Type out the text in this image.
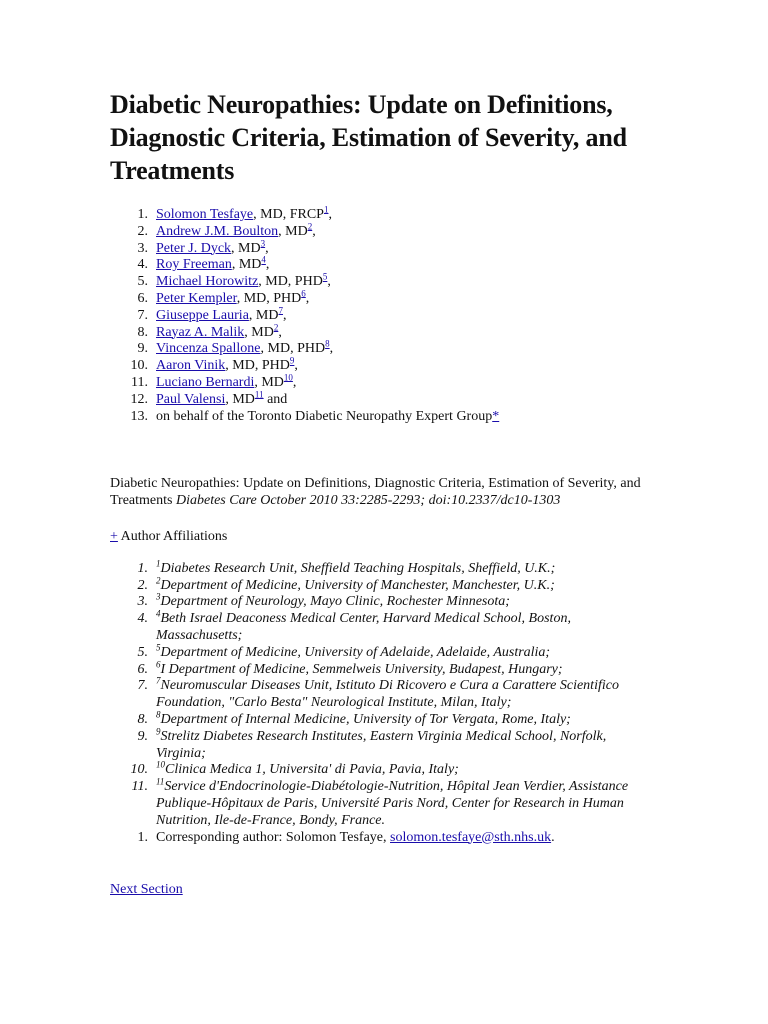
Diabetic Neuropathies: Update on Definitions, Diagnostic Criteria, Estimation of Severity, and Treatments
1. Solomon Tesfaye, MD, FRCP$^1$,
2. Andrew J.M. Boulton, MD$^2$,
3. Peter J. Dyck, MD$^3$,
4. Roy Freeman, MD$^4$,
5. Michael Horowitz, MD, PHD$^5$,
6. Peter Kempler, MD, PHD$^6$,
7. Giuseppe Lauria, MD$^7$,
8. Rayaz A. Malik, MD$^2$,
9. Vincenza Spallone, MD, PHD$^8$,
10. Aaron Vinik, MD, PHD$^9$,
11. Luciano Bernardi, MD$^{10}$,
12. Paul Valensi, MD$^{11}$ and
13. on behalf of the Toronto Diabetic Neuropathy Expert Group*
Diabetic Neuropathies: Update on Definitions, Diagnostic Criteria, Estimation of Severity, and Treatments Diabetes Care October 2010 33:2285-2293; doi:10.2337/dc10-1303
+ Author Affiliations
1. $^1$Diabetes Research Unit, Sheffield Teaching Hospitals, Sheffield, U.K.;
2. $^2$Department of Medicine, University of Manchester, Manchester, U.K.;
3. $^3$Department of Neurology, Mayo Clinic, Rochester Minnesota;
4. $^4$Beth Israel Deaconess Medical Center, Harvard Medical School, Boston, Massachusetts;
5. $^5$Department of Medicine, University of Adelaide, Adelaide, Australia;
6. $^6$I Department of Medicine, Semmelweis University, Budapest, Hungary;
7. $^7$Neuromuscular Diseases Unit, Istituto Di Ricovero e Cura a Carattere Scientifico Foundation, "Carlo Besta" Neurological Institute, Milan, Italy;
8. $^8$Department of Internal Medicine, University of Tor Vergata, Rome, Italy;
9. $^9$Strelitz Diabetes Research Institutes, Eastern Virginia Medical School, Norfolk, Virginia;
10. $^{10}$Clinica Medica 1, Universita' di Pavia, Pavia, Italy;
11. $^{11}$Service d'Endocrinologie-Diabétologie-Nutrition, Hôpital Jean Verdier, Assistance Publique-Hôpitaux de Paris, Université Paris Nord, Center for Research in Human Nutrition, Ile-de-France, Bondy, France.
1. Corresponding author: Solomon Tesfaye, solomon.tesfaye@sth.nhs.uk.
Next Section
